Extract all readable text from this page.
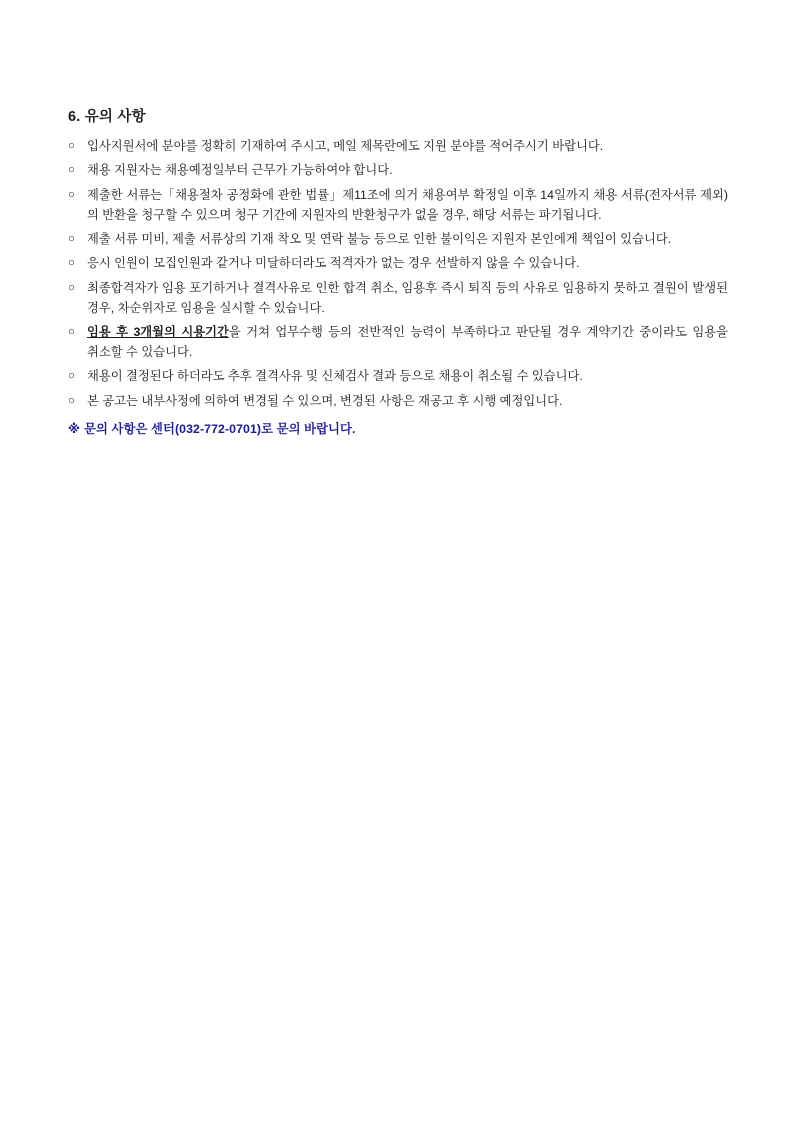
6. 유의 사항
○ 입사지원서에 분야를 정확히 기재하여 주시고, 메일 제목란에도 지원 분야를 적어주시기 바랍니다.
○ 채용 지원자는 채용예정일부터 근무가 가능하여야 합니다.
○ 제출한 서류는「채용절차 공정화에 관한 법률」제11조에 의거 채용여부 확정일 이후 14일까지 채용 서류(전자서류 제외)의 반환을 청구할 수 있으며 청구 기간에 지원자의 반환청구가 없을 경우, 해당 서류는 파기됩니다.
○ 제출 서류 미비, 제출 서류상의 기재 착오 및 연락 불능 등으로 인한 불이익은 지원자 본인에게 책임이 있습니다.
○ 응시 인원이 모집인원과 같거나 미달하더라도 적격자가 없는 경우 선발하지 않을 수 있습니다.
○ 최종합격자가 임용 포기하거나 결격사유로 인한 합격 취소, 임용후 즉시 퇴직 등의 사유로 임용하지 못하고 결원이 발생된 경우, 차순위자로 임용을 실시할 수 있습니다.
○ 임용 후 3개월의 시용기간을 거쳐 업무수행 등의 전반적인 능력이 부족하다고 판단될 경우 계약기간 중이라도 임용을 취소할 수 있습니다.
○ 채용이 결정된다 하더라도 추후 결격사유 및 신체검사 결과 등으로 채용이 취소될 수 있습니다.
○ 본 공고는 내부사정에 의하여 변경될 수 있으며, 변경된 사항은 재공고 후 시행 예정입니다.
※ 문의 사항은 센터(032-772-0701)로 문의 바랍니다.
